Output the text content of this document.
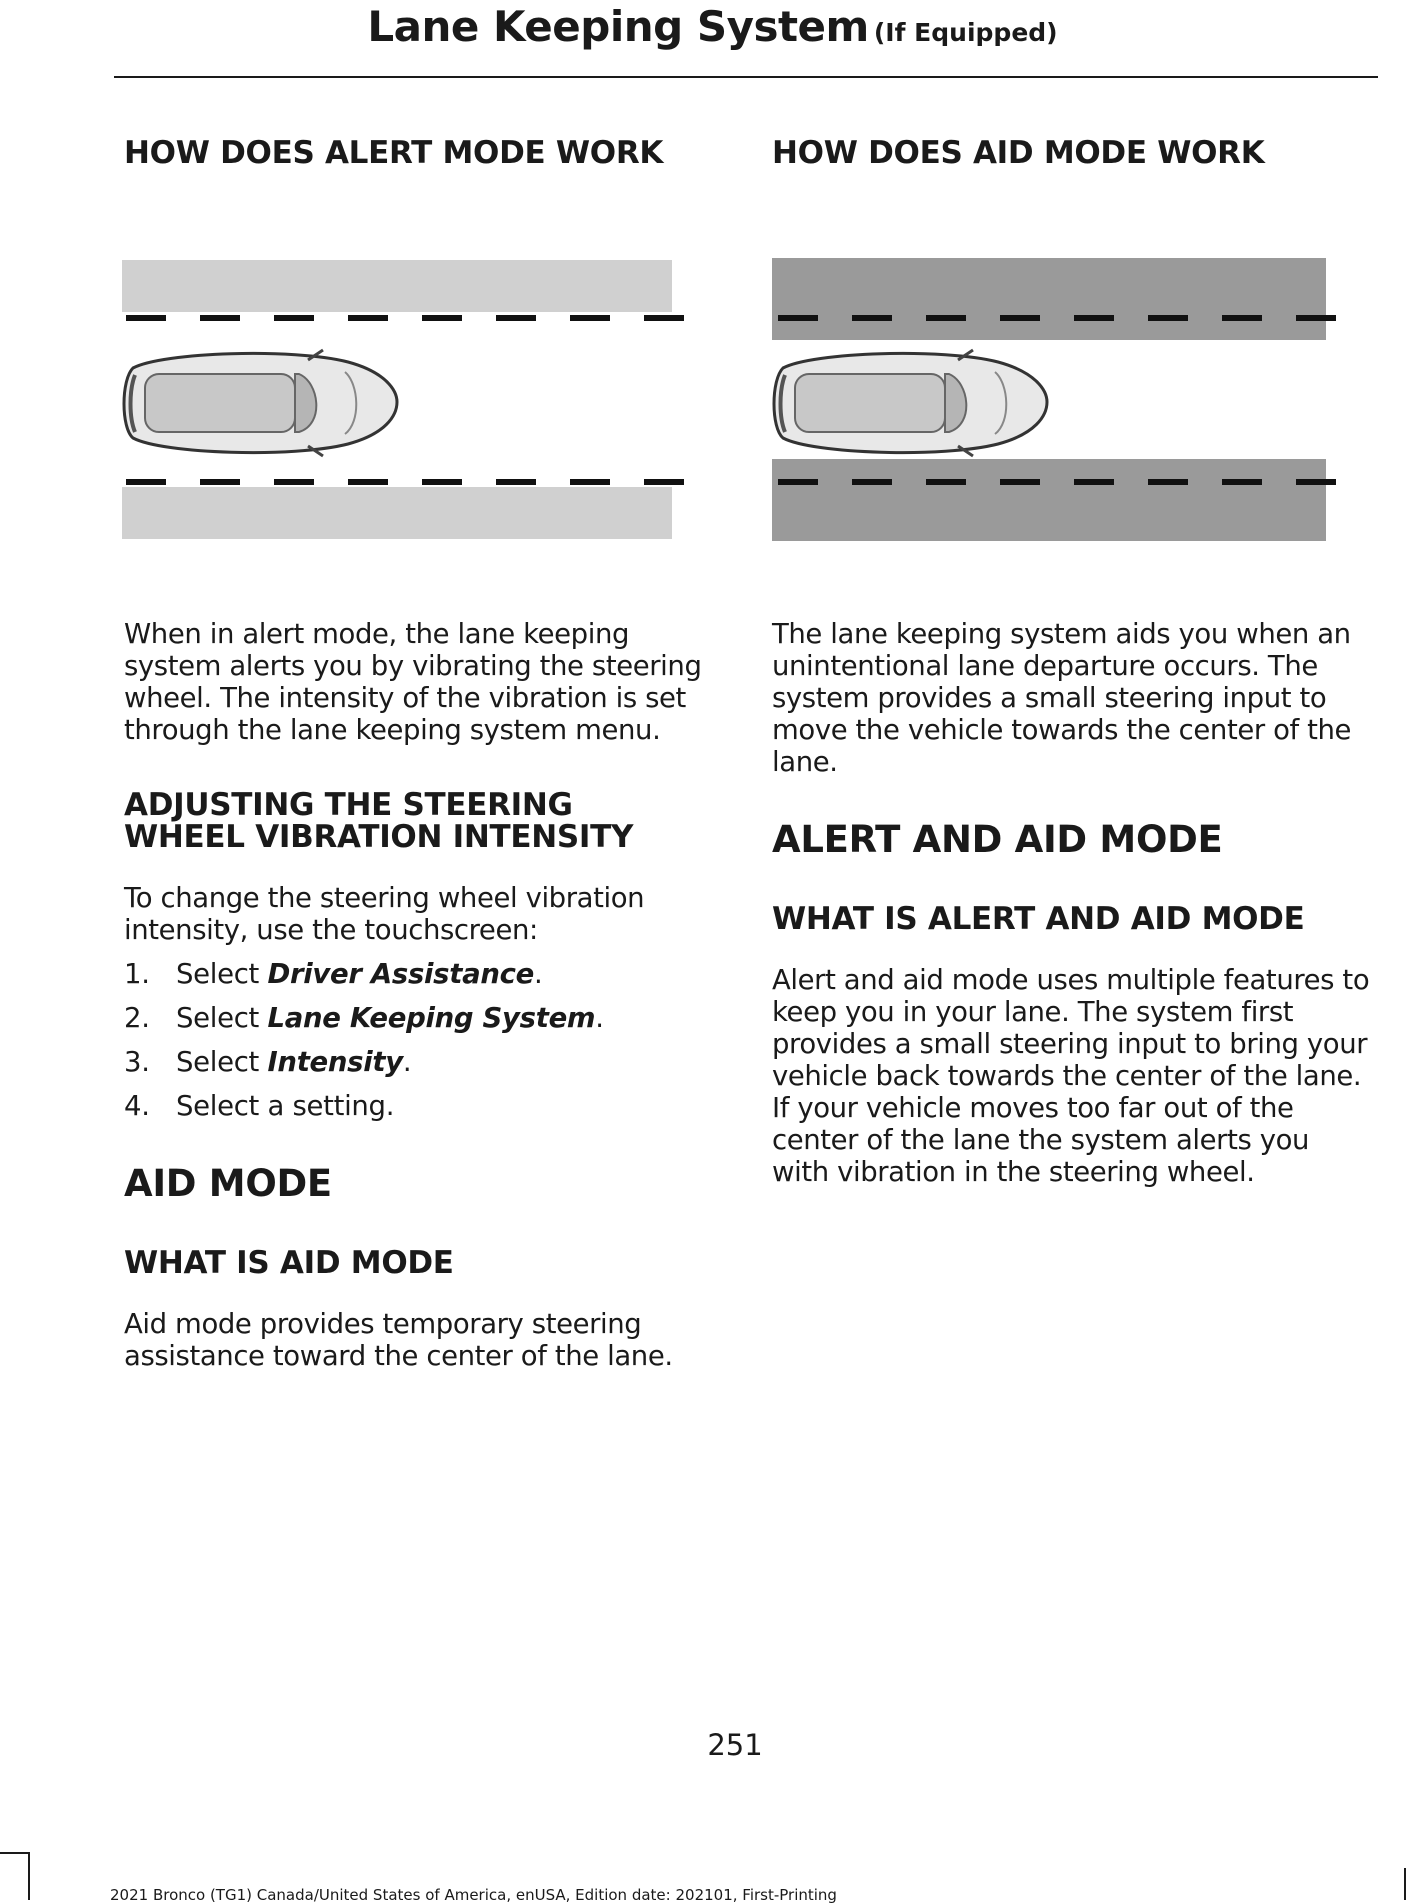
Lane Keeping System (If Equipped)
HOW DOES ALERT MODE WORK

When in alert mode, the lane keeping system alerts you by vibrating the steering wheel. The intensity of the vibration is set through the lane keeping system menu.

ADJUSTING THE STEERING
WHEEL VIBRATION INTENSITY

To change the steering wheel vibration intensity, use the touchscreen:

1. Select Driver Assistance.
2. Select Lane Keeping System.
3. Select Intensity.
4. Select a setting.
AID MODE
WHAT IS AID MODE

Aid mode provides temporary steering assistance toward the center of the lane.

HOW DOES AID MODE WORK

The lane keeping system aids you when an unintentional lane departure occurs. The system provides a small steering input to move the vehicle towards the center of the lane.

ALERT AND AID MODE
WHAT IS ALERT AND AID MODE

Alert and aid mode uses multiple features to keep you in your lane. The system first provides a small steering input to bring your vehicle back towards the center of the lane. If your vehicle moves too far out of the center of the lane the system alerts you with vibration in the steering wheel.

251
2021 Bronco (TG1) Canada/United States of America, enUSA, Edition date: 202101, First-Printing
